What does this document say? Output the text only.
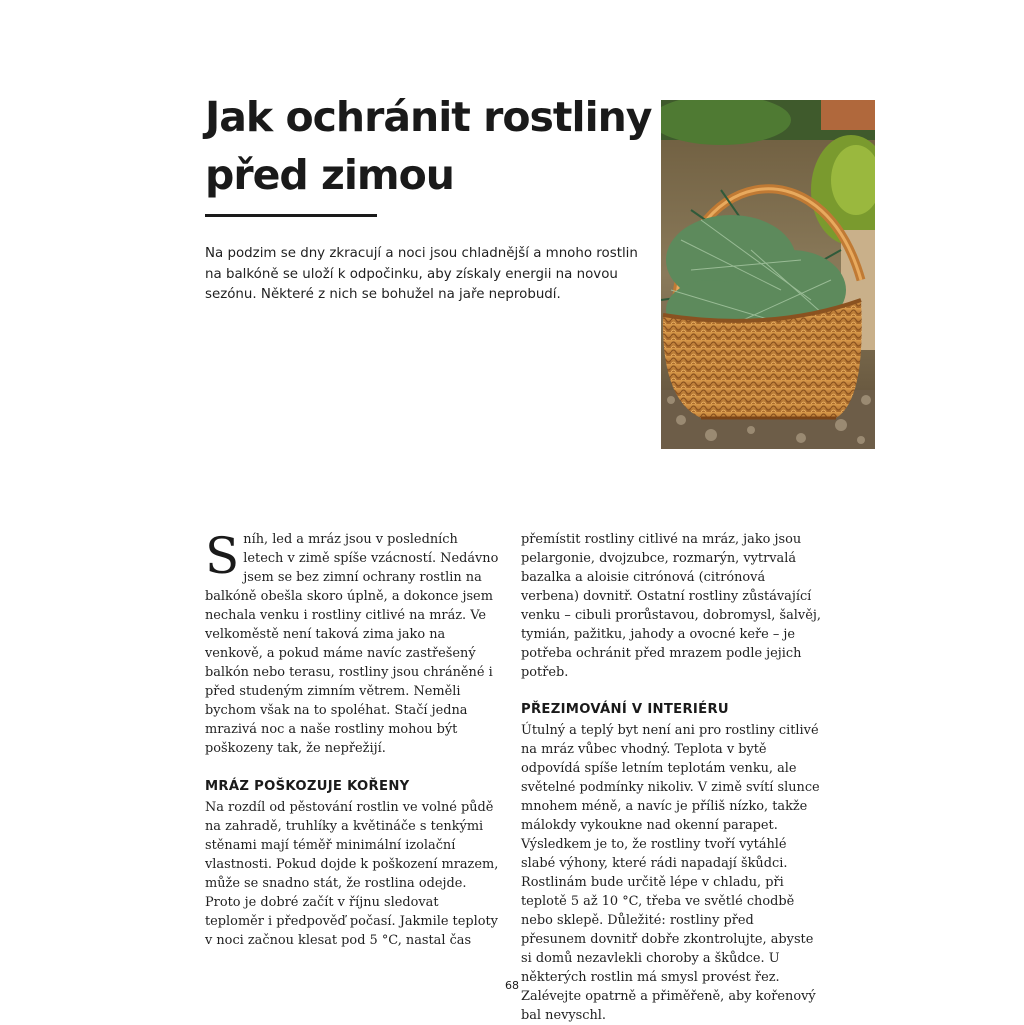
Jak ochránit rostliny
před zimou

Na podzim se dny zkracují a noci jsou chladnější a mnoho rostlin na balkóně se uloží k odpočinku, aby získaly energii na novou sezónu. Některé z nich se bohužel na jaře neprobudí.

Sníh, led a mráz jsou v posledních letech v zimě spíše vzácností. Nedávno jsem se bez zimní ochrany rostlin na balkóně obešla skoro úplně, a dokonce jsem nechala venku i rostliny citlivé na mráz. Ve velkoměstě není taková zima jako na venkově, a pokud máme navíc zastřešený balkón nebo terasu, rostliny jsou chráněné i před studeným zimním větrem. Neměli bychom však na to spoléhat. Stačí jedna mrazivá noc a naše rostliny mohou být poškozeny tak, že nepřežijí.

MRÁZ POŠKOZUJE KOŘENY

Na rozdíl od pěstování rostlin ve volné půdě na zahradě, truhlíky a květináče s tenkými stěnami mají téměř minimální izolační vlastnosti. Pokud dojde k poškození mrazem, může se snadno stát, že rostlina odejde. Proto je dobré začít v říjnu sledovat teploměr i předpověď počasí. Jakmile teploty v noci začnou klesat pod 5 °C, nastal čas

přemístit rostliny citlivé na mráz, jako jsou pelargonie, dvojzubce, rozmarýn, vytrvalá bazalka a aloisie citrónová (citrónová verbena) dovnitř. Ostatní rostliny zůstávající venku – cibuli prorůstavou, dobromysl, šalvěj, tymián, pažitku, jahody a ovocné keře – je potřeba ochránit před mrazem podle jejich potřeb.

PŘEZIMOVÁNÍ V INTERIÉRU

Útulný a teplý byt není ani pro rostliny citlivé na mráz vůbec vhodný. Teplota v bytě odpovídá spíše letním teplotám venku, ale světelné podmínky nikoliv. V zimě svítí slunce mnohem méně, a navíc je příliš nízko, takže málokdy vykoukne nad okenní parapet. Výsledkem je to, že rostliny tvoří vytáhlé slabé výhony, které rádi napadají škůdci.

Rostlinám bude určitě lépe v chladu, při teplotě 5 až 10 °C, třeba ve světlé chodbě nebo sklepě. Důležité: rostliny před přesunem dovnitř dobře zkontrolujte, abyste si domů nezavlekli choroby a škůdce. U některých rostlin má smysl provést řez. Zalévejte opatrně a přiměřeně, aby kořenový bal nevyschl.

68
